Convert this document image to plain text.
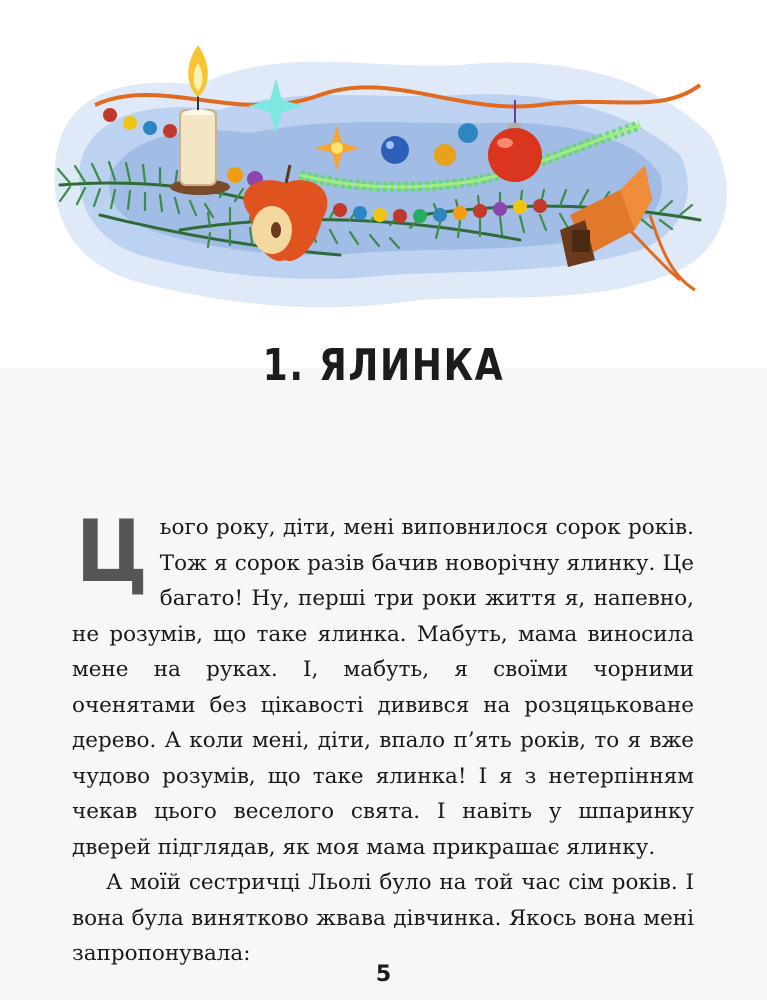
1. ЯЛИНКА
Ц ього року, діти, мені виповнилося сорок років. Тож я сорок разів бачив новорічну ялинку. Це багато! Ну, перші три роки життя я, напевно, не розумів, що таке ялинка. Мабуть, мама виносила мене на руках. І, мабуть, я своїми чорними оченятами без цікавості дивився на розцяцьковане дерево. А коли мені, діти, впало п’ять років, то я вже чудово розумів, що таке ялинка! І я з нетерпінням чекав цього веселого свята. І навіть у шпаринку дверей підглядав, як моя мама прикрашає ялинку.

А моїй сестричці Льолі було на той час сім років. І вона була винятково жвава дівчинка. Якось вона мені запропонувала:

5
